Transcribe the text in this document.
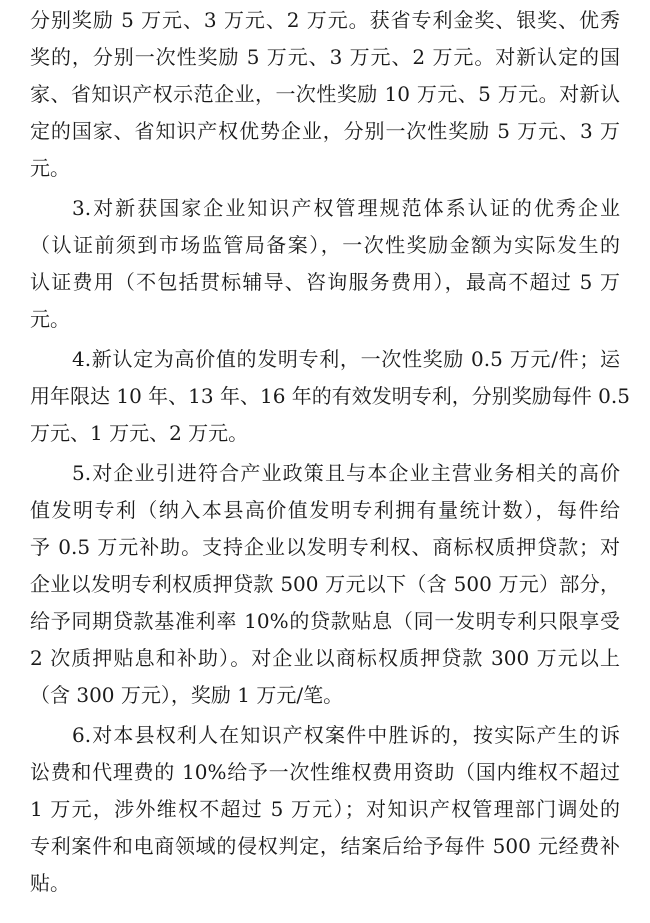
分别奖励 5 万元、3 万元、2 万元。获省专利金奖、银奖、优秀
奖的，分别一次性奖励 5 万元、3 万元、2 万元。对新认定的国
家、省知识产权示范企业，一次性奖励 10 万元、5 万元。对新认
定的国家、省知识产权优势企业，分别一次性奖励 5 万元、3 万
元。
3.对新获国家企业知识产权管理规范体系认证的优秀企业
（认证前须到市场监管局备案），一次性奖励金额为实际发生的
认证费用（不包括贯标辅导、咨询服务费用），最高不超过 5 万
元。
4.新认定为高价值的发明专利，一次性奖励 0.5 万元/件；运
用年限达 10 年、13 年、16 年的有效发明专利，分别奖励每件 0.5
万元、1 万元、2 万元。
5.对企业引进符合产业政策且与本企业主营业务相关的高价
值发明专利（纳入本县高价值发明专利拥有量统计数），每件给
予 0.5 万元补助。支持企业以发明专利权、商标权质押贷款；对
企业以发明专利权质押贷款 500 万元以下（含 500 万元）部分，
给予同期贷款基准利率 10%的贷款贴息（同一发明专利只限享受
2 次质押贴息和补助）。对企业以商标权质押贷款 300 万元以上
（含 300 万元），奖励 1 万元/笔。
6.对本县权利人在知识产权案件中胜诉的，按实际产生的诉
讼费和代理费的 10%给予一次性维权费用资助（国内维权不超过
1 万元，涉外维权不超过 5 万元）；对知识产权管理部门调处的
专利案件和电商领域的侵权判定，结案后给予每件 500 元经费补
贴。
